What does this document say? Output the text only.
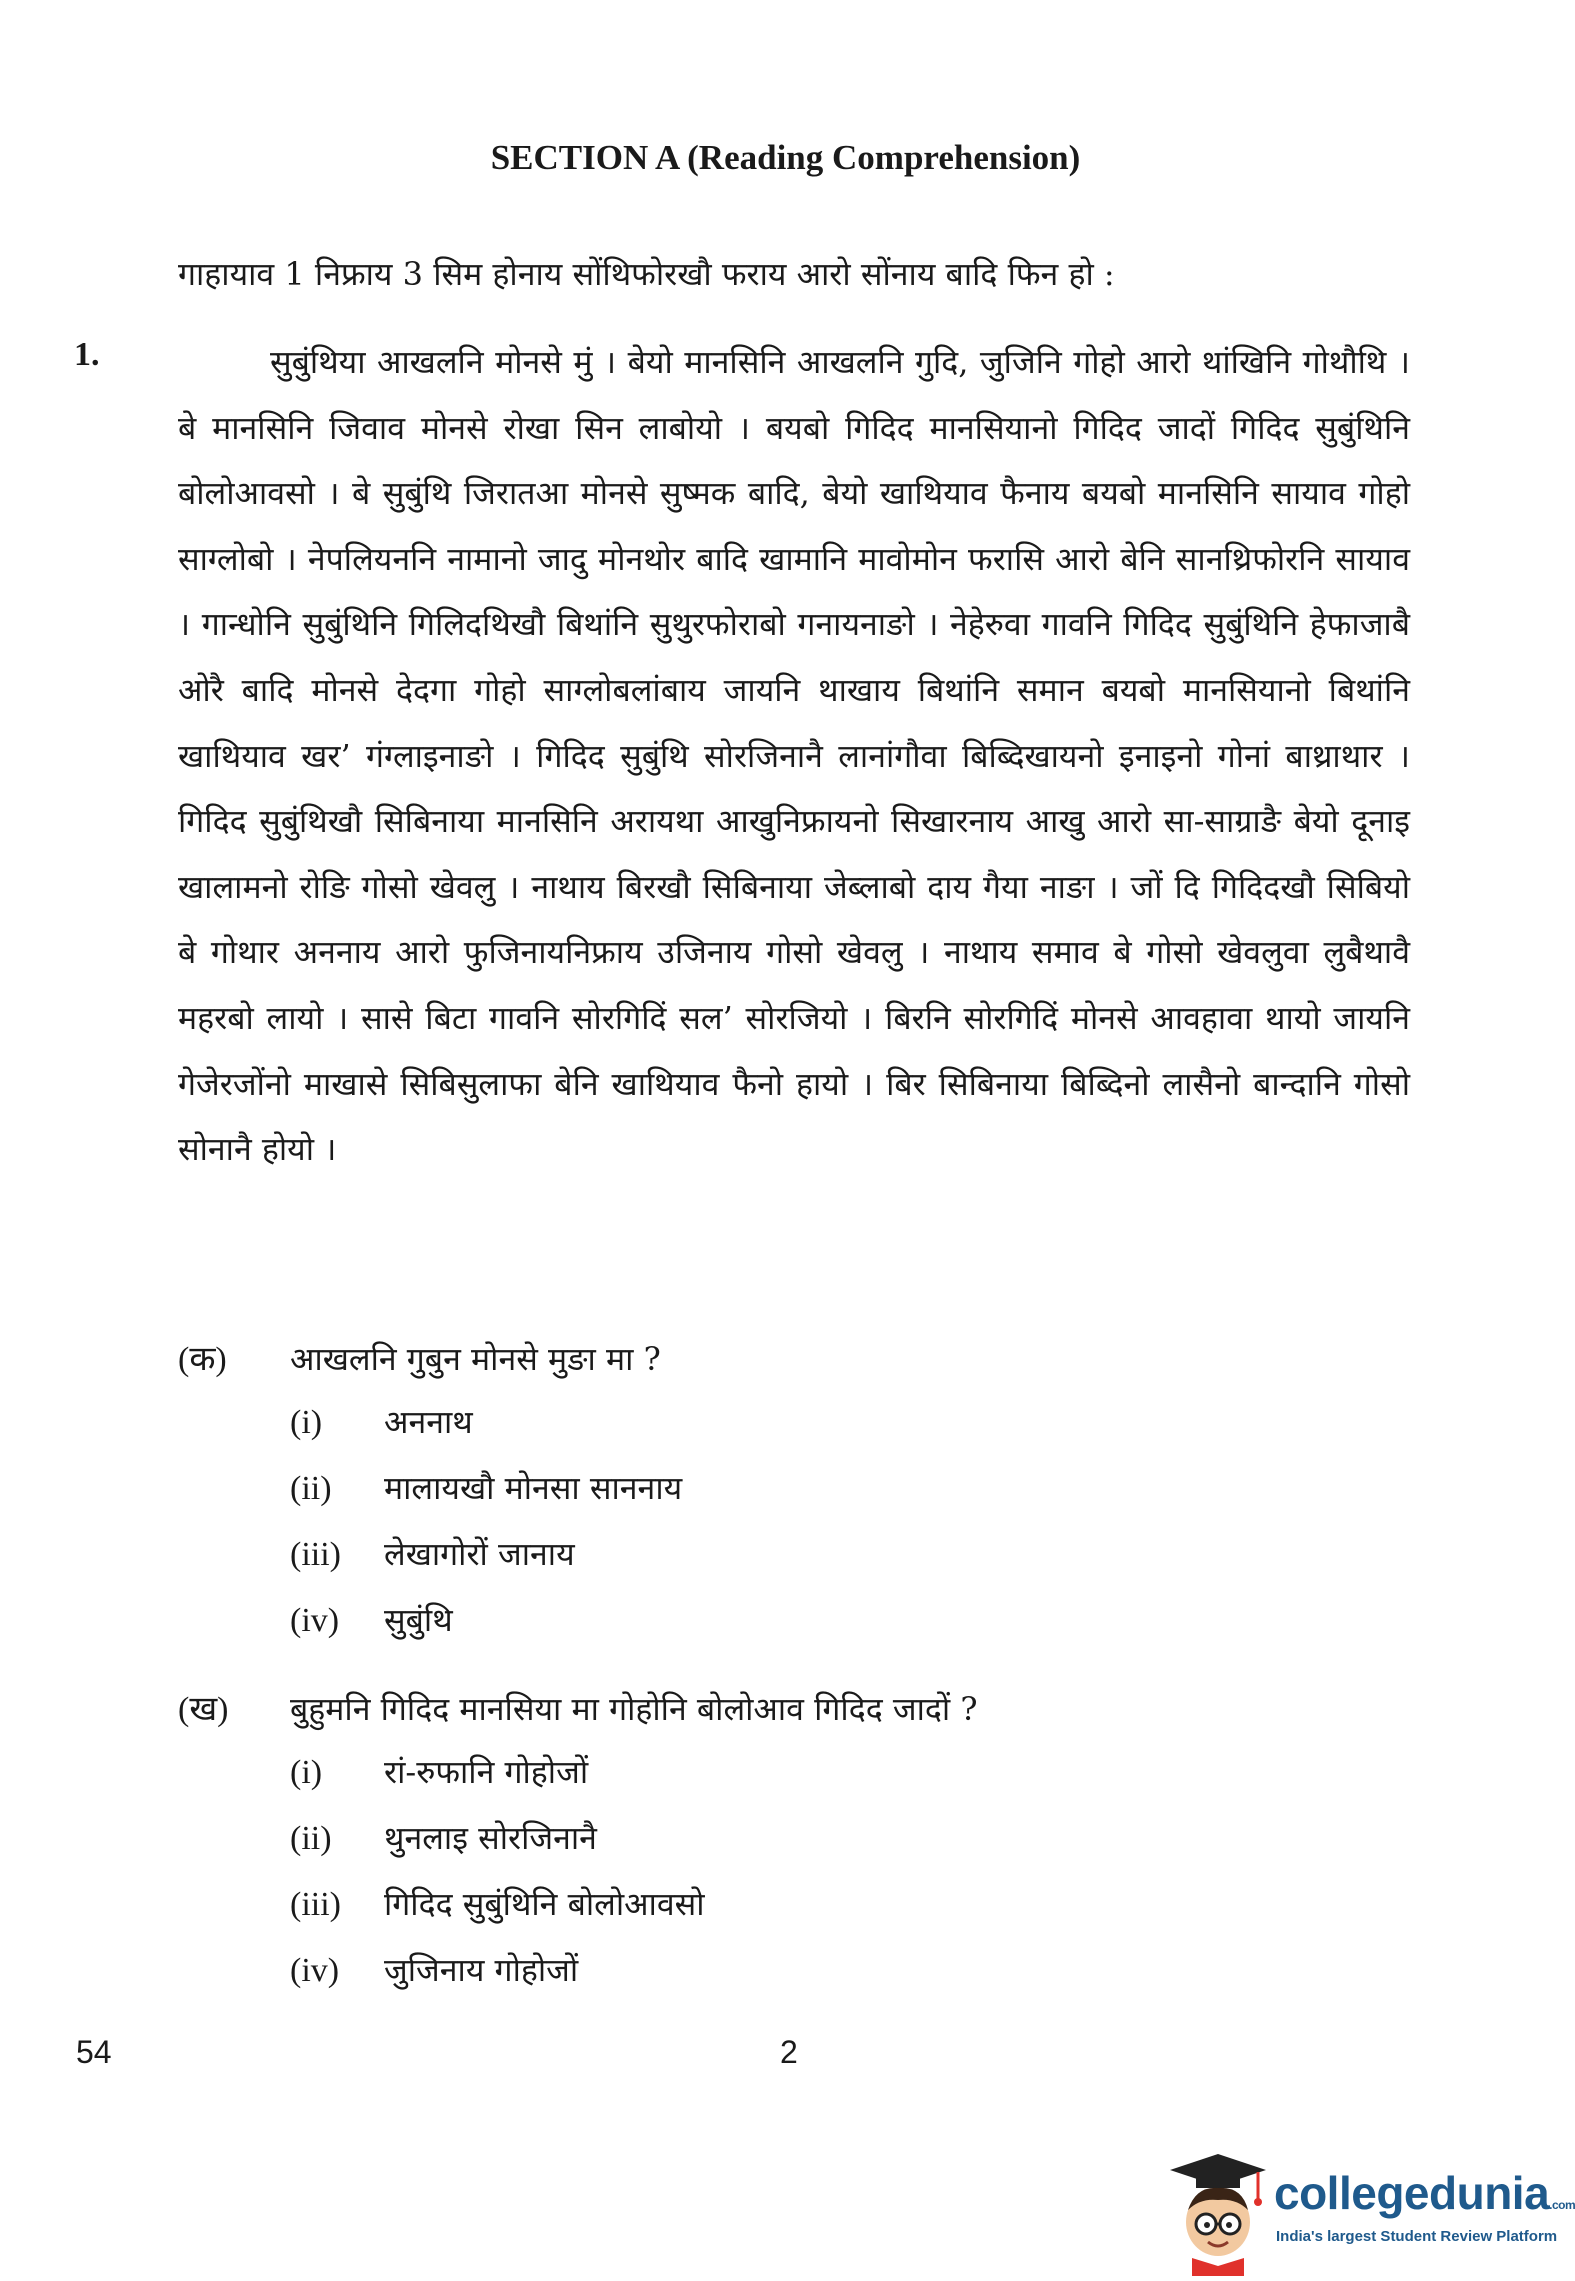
SECTION A (Reading Comprehension)
गाहायाव 1 निफ्राय 3 सिम होनाय सोंथिफोरखौ फराय आरो सोंनाय बादि फिन हो :
1.	सुबुंथिया आखलनि मोनसे मुं । बेयो मानसिनि आखलनि गुदि, जुजिनि गोहो आरो थांखिनि गोथौथि । बे मानसिनि जिवाव मोनसे रोखा सिन लाबोयो । बयबो गिदिद मानसियानो गिदिद जादों गिदिद सुबुंथिनि बोलोआवसो । बे सुबुंथि जिरातआ मोनसे सुष्मक बादि, बेयो खाथियाव फैनाय बयबो मानसिनि सायाव गोहो साग्लोबो । नेपलियननि नामानो जादु मोनथोर बादि खामानि मावोमोन फरासि आरो बेनि सानथ्रिफोरनि सायाव । गान्धोनि सुबुंथिनि गिलिदथिखौ बिथांनि सुथुरफोराबो गनायनाङो । नेहेरुवा गावनि गिदिद सुबुंथिनि हेफाजाबै ओरै बादि मोनसे देदगा गोहो साग्लोबलांबाय जायनि थाखाय बिथांनि समान बयबो मानसियानो बिथांनि खाथियाव खर’ गंग्लाइनाङो । गिदिद सुबुंथि सोरजिनानै लानांगौवा बिब्दिखायनो इनाइनो गोनां बाथ्राथार । गिदिद सुबुंथिखौ सिबिनाया मानसिनि अरायथा आखुनिफ्रायनो सिखारनाय आखु आरो सा-साग्राङै बेयो दूनाइ खालामनो रोङि गोसो खेवलु । नाथाय बिरखौ सिबिनाया जेब्लाबो दाय गैया नाङा । जों दि गिदिदखौ सिबियो बे गोथार अननाय आरो फुजिनायनिफ्राय उजिनाय गोसो खेवलु । नाथाय समाव बे गोसो खेवलुवा लुबैथावै महरबो लायो । सासे बिटा गावनि सोरगिदिं सल’ सोरजियो । बिरनि सोरगिदिं मोनसे आवहावा थायो जायनि गेजेरजोंनो माखासे सिबिसुलाफा बेनि खाथियाव फैनो हायो । बिर सिबिनाया बिब्दिनो लासैनो बान्दानि गोसो सोनानै होयो ।

(क) आखलनि गुबुन मोनसे मुङा मा ?
(i) अननाथ
(ii) मालायखौ मोनसा साननाय
(iii) लेखागोरों जानाय
(iv) सुबुंथि
(ख) बुहुमनि गिदिद मानसिया मा गोहोनि बोलोआव गिदिद जादों ?
(i) रां-रुफानि गोहोजों
(ii) थुनलाइ सोरजिनानै
(iii) गिदिद सुबुंथिनि बोलोआवसो
(iv) जुजिनाय गोहोजों
54	2
collegedunia.com
India's largest Student Review Platform
